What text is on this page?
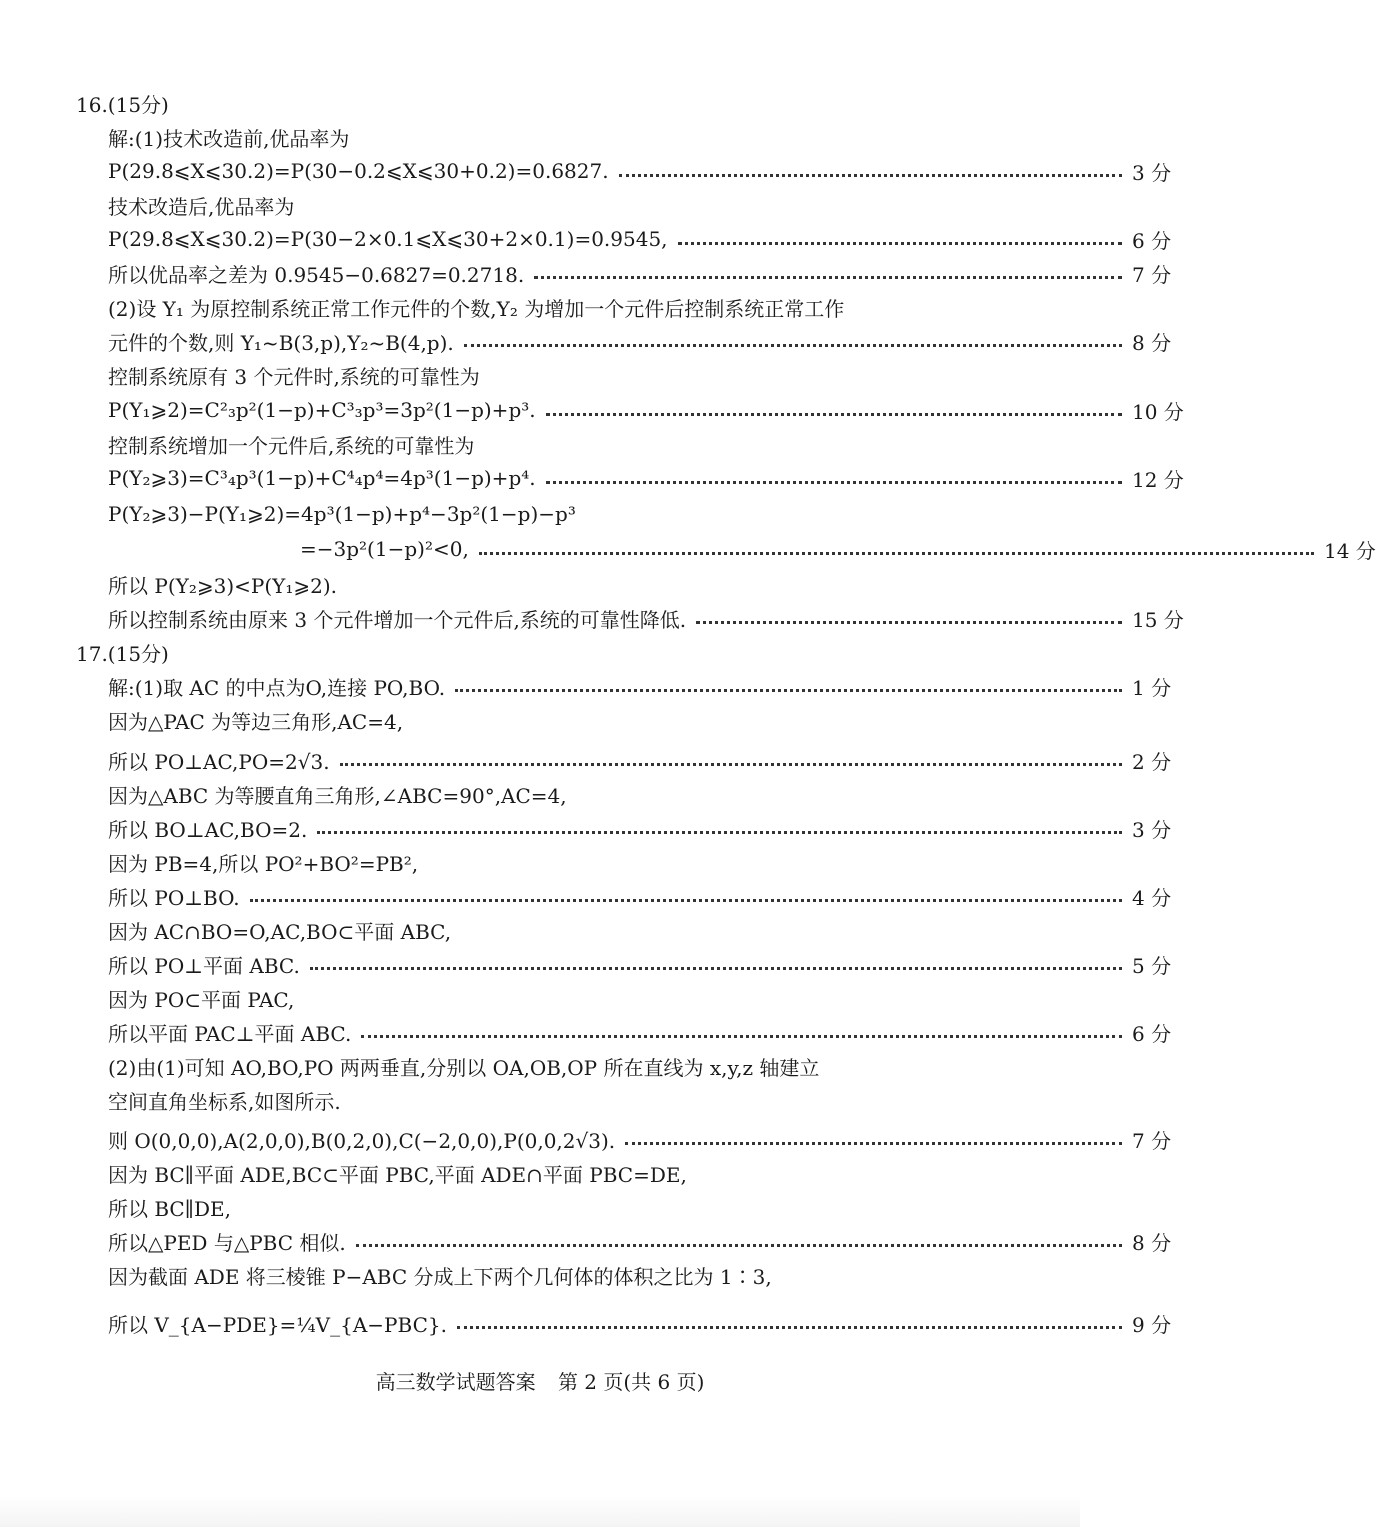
16.(15分)
解:(1)技术改造前,优品率为
P(29.8⩽X⩽30.2)=P(30−0.2⩽X⩽30+0.2)=0.6827.	3 分
技术改造后,优品率为
P(29.8⩽X⩽30.2)=P(30−2×0.1⩽X⩽30+2×0.1)=0.9545,	6 分
所以优品率之差为 0.9545−0.6827=0.2718.	7 分
(2)设 Y₁ 为原控制系统正常工作元件的个数,Y₂ 为增加一个元件后控制系统正常工作
元件的个数,则 Y₁~B(3,p),Y₂~B(4,p).	8 分
控制系统原有 3 个元件时,系统的可靠性为
P(Y₁⩾2)=C²₃p²(1−p)+C³₃p³=3p²(1−p)+p³.	10 分
控制系统增加一个元件后,系统的可靠性为
P(Y₂⩾3)=C³₄p³(1−p)+C⁴₄p⁴=4p³(1−p)+p⁴.	12 分
P(Y₂⩾3)−P(Y₁⩾2)=4p³(1−p)+p⁴−3p²(1−p)−p³
=−3p²(1−p)²<0,	14 分
所以 P(Y₂⩾3)<P(Y₁⩾2).
所以控制系统由原来 3 个元件增加一个元件后,系统的可靠性降低.	15 分
17.(15分)
解:(1)取 AC 的中点为O,连接 PO,BO.	1 分
因为△PAC 为等边三角形,AC=4,
所以 PO⊥AC,PO=2√3.	2 分
因为△ABC 为等腰直角三角形,∠ABC=90°,AC=4,
所以 BO⊥AC,BO=2.	3 分
因为 PB=4,所以 PO²+BO²=PB²,
所以 PO⊥BO.	4 分
因为 AC∩BO=O,AC,BO⊂平面 ABC,
所以 PO⊥平面 ABC.	5 分
因为 PO⊂平面 PAC,
所以平面 PAC⊥平面 ABC.	6 分
(2)由(1)可知 AO,BO,PO 两两垂直,分别以 OA,OB,OP 所在直线为 x,y,z 轴建立
空间直角坐标系,如图所示.
则 O(0,0,0),A(2,0,0),B(0,2,0),C(−2,0,0),P(0,0,2√3).	7 分
因为 BC∥平面 ADE,BC⊂平面 PBC,平面 ADE∩平面 PBC=DE,
所以 BC∥DE,
所以△PED 与△PBC 相似.	8 分
因为截面 ADE 将三棱锥 P−ABC 分成上下两个几何体的体积之比为 1∶3,
所以 V_{A−PDE}=¼V_{A−PBC}.	9 分
高三数学试题答案 第 2 页(共 6 页)
